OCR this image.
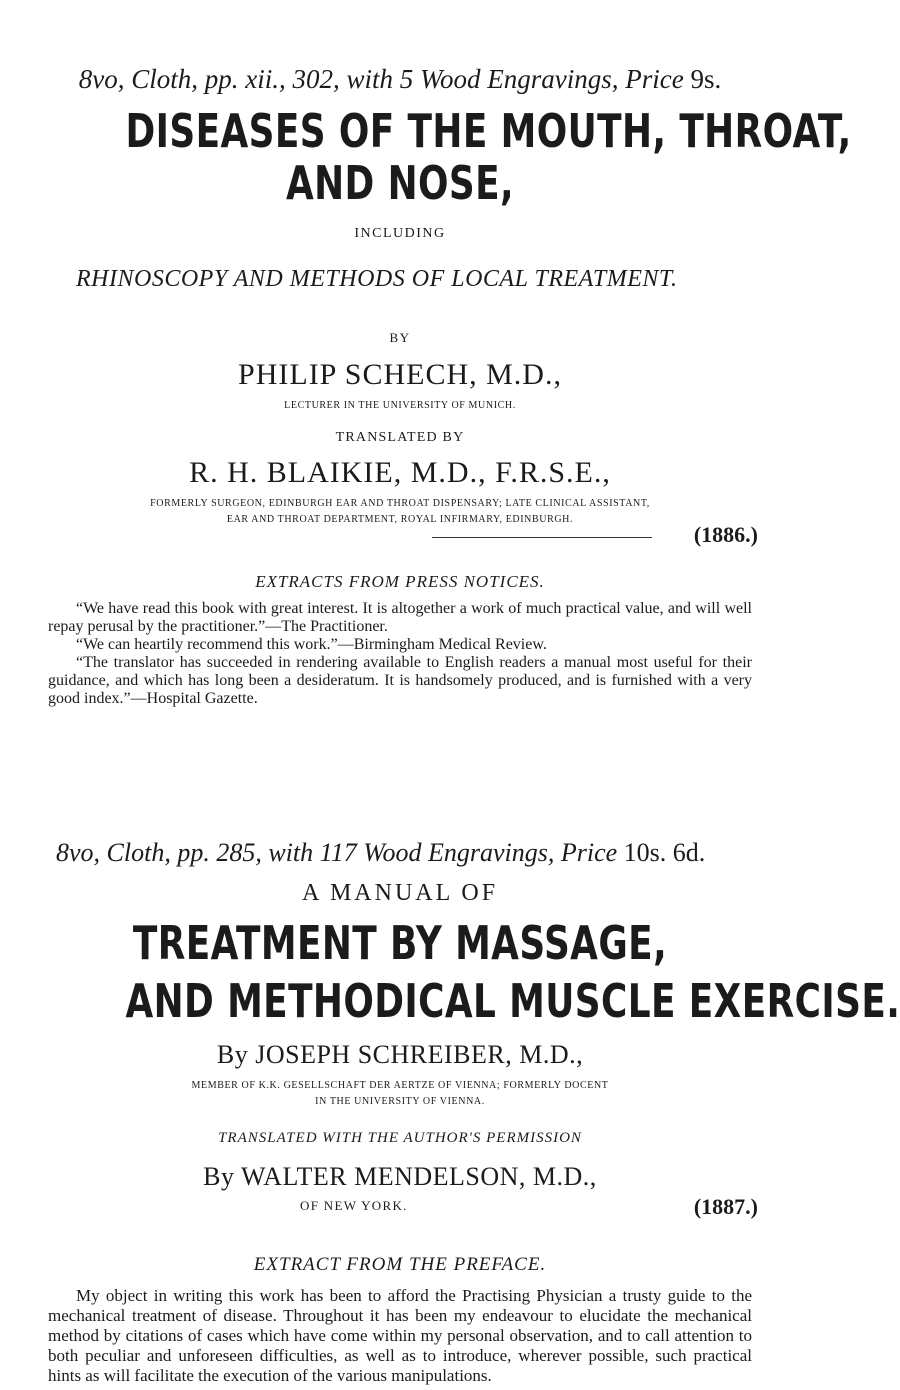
8vo, Cloth, pp. xii., 302, with 5 Wood Engravings, Price 9s.
DISEASES OF THE MOUTH, THROAT,
AND NOSE,
INCLUDING
RHINOSCOPY AND METHODS OF LOCAL TREATMENT.
BY
PHILIP SCHECH, M.D.,
LECTURER IN THE UNIVERSITY OF MUNICH.
TRANSLATED BY
R. H. BLAIKIE, M.D., F.R.S.E.,
FORMERLY SURGEON, EDINBURGH EAR AND THROAT DISPENSARY; LATE CLINICAL ASSISTANT,
EAR AND THROAT DEPARTMENT, ROYAL INFIRMARY, EDINBURGH.
(1886.)
EXTRACTS FROM PRESS NOTICES.

“We have read this book with great interest. It is altogether a work of much practical value, and will well repay perusal by the practitioner.”—The Practitioner.

“We can heartily recommend this work.”—Birmingham Medical Review.

“The translator has succeeded in rendering available to English readers a manual most useful for their guidance, and which has long been a desideratum. It is handsomely produced, and is furnished with a very good index.”—Hospital Gazette.

8vo, Cloth, pp. 285, with 117 Wood Engravings, Price 10s. 6d.
A MANUAL OF
TREATMENT BY MASSAGE,
AND METHODICAL MUSCLE EXERCISE.
By JOSEPH SCHREIBER, M.D.,
MEMBER OF K.K. GESELLSCHAFT DER AERTZE OF VIENNA; FORMERLY DOCENT
IN THE UNIVERSITY OF VIENNA.
TRANSLATED WITH THE AUTHOR'S PERMISSION
By WALTER MENDELSON, M.D.,
OF NEW YORK.	(1887.)
EXTRACT FROM THE PREFACE.

My object in writing this work has been to afford the Practising Physician a trusty guide to the mechanical treatment of disease. Throughout it has been my endeavour to elucidate the mechanical method by citations of cases which have come within my personal observation, and to call attention to both peculiar and unforeseen difficulties, as well as to introduce, wherever possible, such practical hints as will facilitate the execution of the various manipulations.
